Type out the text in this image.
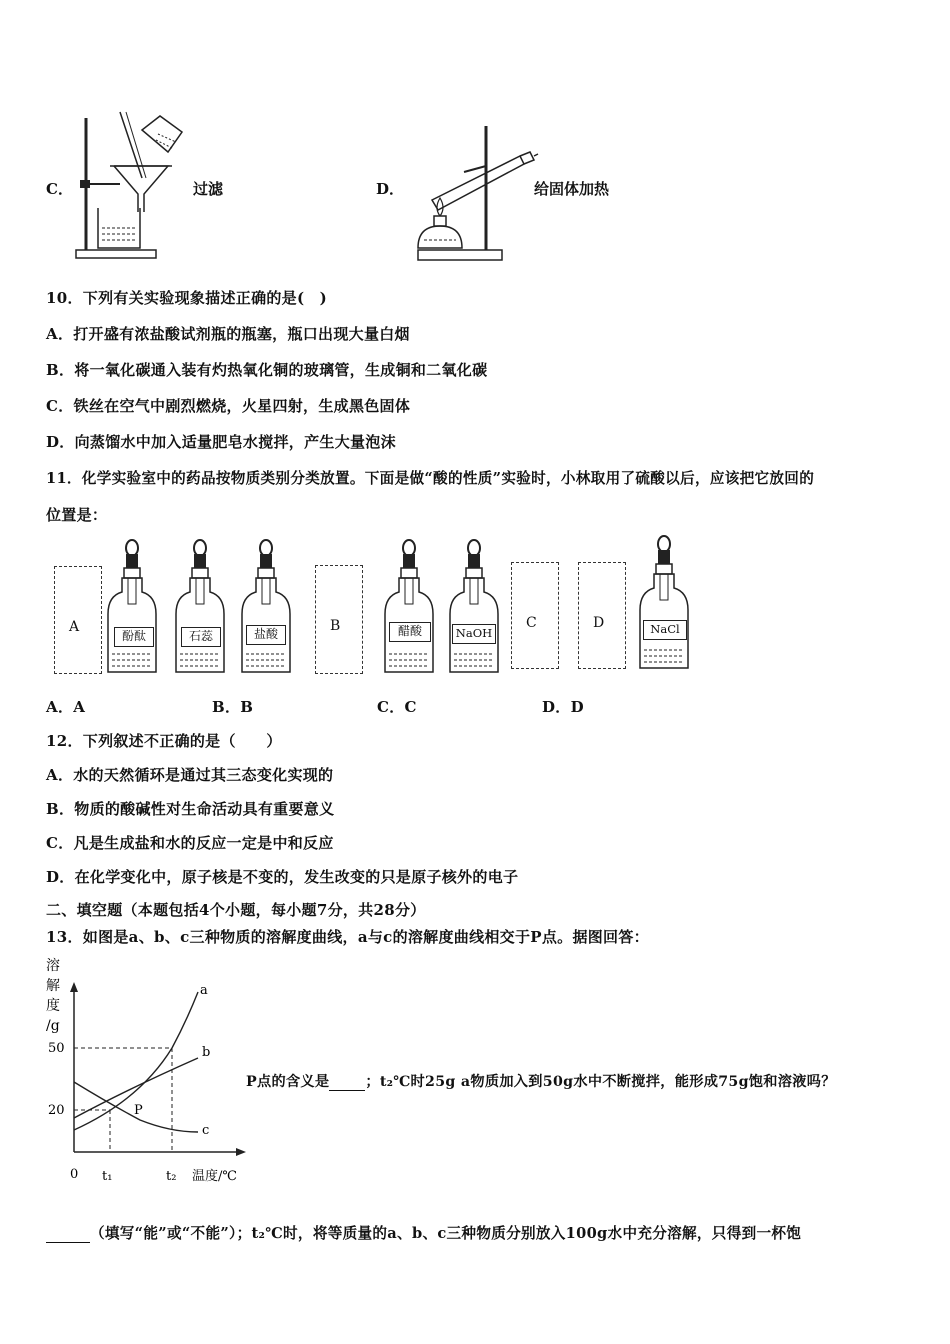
C．	过滤	D．	给固体加热
10．下列有关实验现象描述正确的是(　)
A．打开盛有浓盐酸试剂瓶的瓶塞，瓶口出现大量白烟
B．将一氧化碳通入装有灼热氧化铜的玻璃管，生成铜和二氧化碳
C．铁丝在空气中剧烈燃烧，火星四射，生成黑色固体
D．向蒸馏水中加入适量肥皂水搅拌，产生大量泡沫
11．化学实验室中的药品按物质类别分类放置。下面是做“酸的性质”实验时，小林取用了硫酸以后，应该把它放回的
位置是：
A
酚酞	石蕊	盐酸	B	醋酸	NaOH
C	D	NaCl
A．A	B．B	C．C	D．D
12．下列叙述不正确的是（　　）
A．水的天然循环是通过其三态变化实现的
B．物质的酸碱性对生命活动具有重要意义
C．凡是生成盐和水的反应一定是中和反应
D．在化学变化中，原子核是不变的，发生改变的只是原子核外的电子
二、填空题（本题包括4个小题，每小题7分，共28分）
13．如图是a、b、c三种物质的溶解度曲线，a与c的溶解度曲线相交于P点。据图回答：
溶
解
度
/g
50
20
a
b
c
P
0 t₁	t₂ 温度/℃
P点的含义是	；t₂℃时25g a物质加入到50g水中不断搅拌，能形成75g饱和溶液吗？
（填写“能”或“不能”）；t₂℃时，将等质量的a、b、c三种物质分别放入100g水中充分溶解，只得到一杯饱
